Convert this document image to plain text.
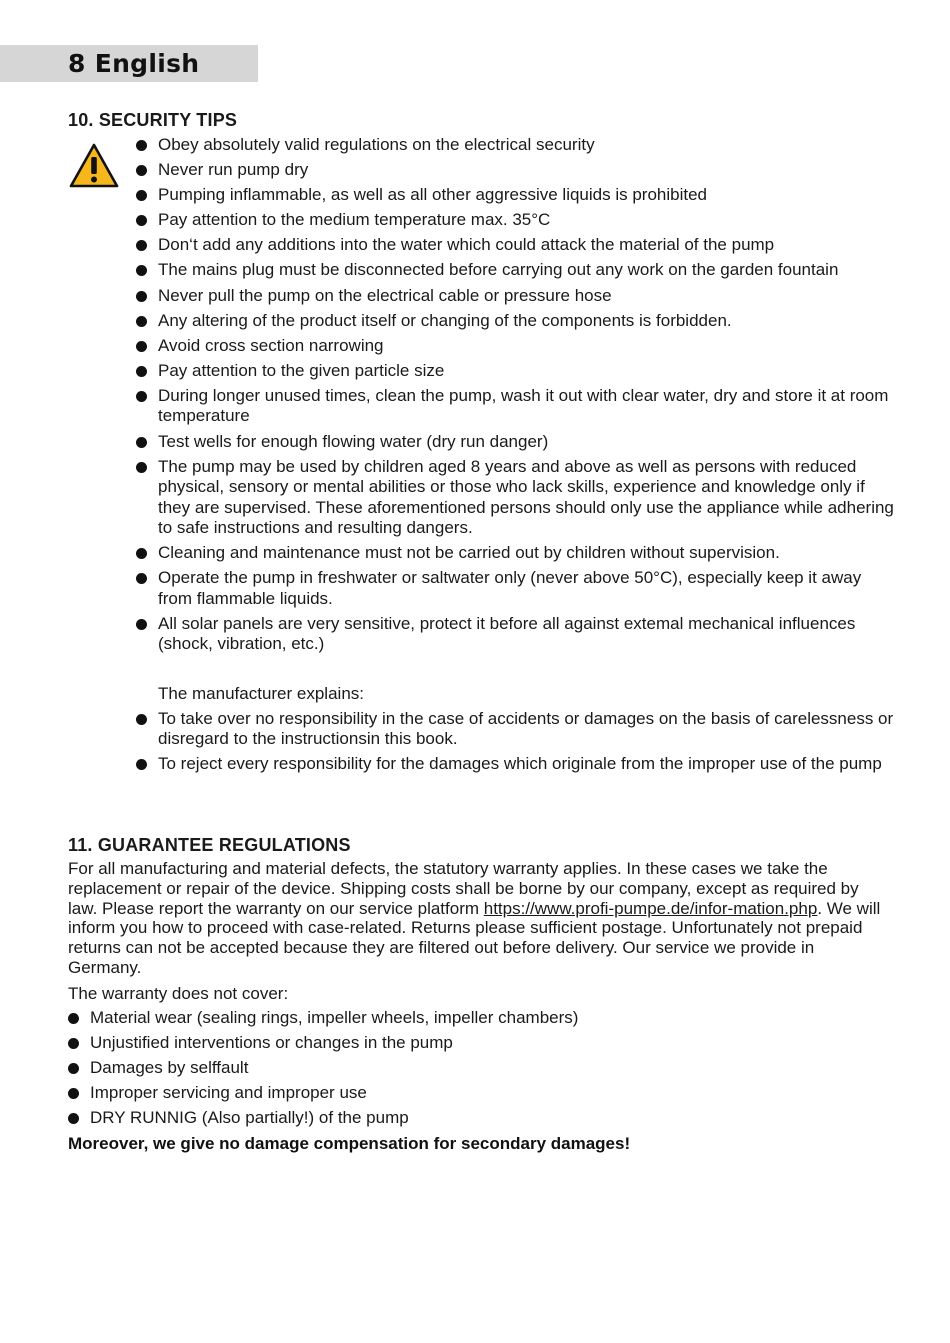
8 English
10. SECURITY TIPS
Obey absolutely valid regulations on the electrical security
Never run pump dry
Pumping inflammable, as well as all other aggressive liquids is prohibited
Pay attention to the medium temperature max. 35°C
Don‘t add any additions into the water which could attack the material of the pump
The mains plug must be disconnected before carrying out any work on the garden fountain
Never pull the pump on the electrical cable or pressure hose
Any altering of the product itself or changing of the components is forbidden.
Avoid cross section narrowing
Pay attention to the given particle size
During longer unused times, clean the pump, wash it out with clear water, dry and store it at room temperature
Test wells for enough flowing water (dry run danger)
The pump may be used by children aged 8 years and above as well as persons with reduced physical, sensory or mental abilities or those who lack skills, experience and knowledge only if they are supervised. These aforementioned persons should only use the appliance while adhering to safe instructions and resulting dangers.
Cleaning and maintenance must not be carried out by children without supervision.
Operate the pump in freshwater or saltwater only (never above 50°C), especially keep it away from flammable liquids.
All solar panels are very sensitive, protect it before all against extemal mechanical influences (shock, vibration, etc.)
The manufacturer explains:
To take over no responsibility in the case of accidents or damages on the basis of carelessness or disregard to the instructionsin this book.
To reject every responsibility for the damages which originale from the improper use of the pump
11. GUARANTEE REGULATIONS
For all manufacturing and material defects, the statutory warranty applies. In these cases we take the replacement or repair of the device. Shipping costs shall be borne by our company, except as required by law. Please report the warranty on our service platform https://www.profi-pumpe.de/infor-mation.php. We will inform you how to proceed with case-related. Returns please sufficient postage. Unfortunately not prepaid returns can not be accepted because they are filtered out before delivery. Our service we provide in Germany.
The warranty does not cover:
Material wear (sealing rings, impeller wheels, impeller chambers)
Unjustified interventions or changes in the pump
Damages by selffault
Improper servicing and improper use
DRY RUNNIG (Also partially!) of the pump
Moreover, we give no damage compensation for secondary damages!
